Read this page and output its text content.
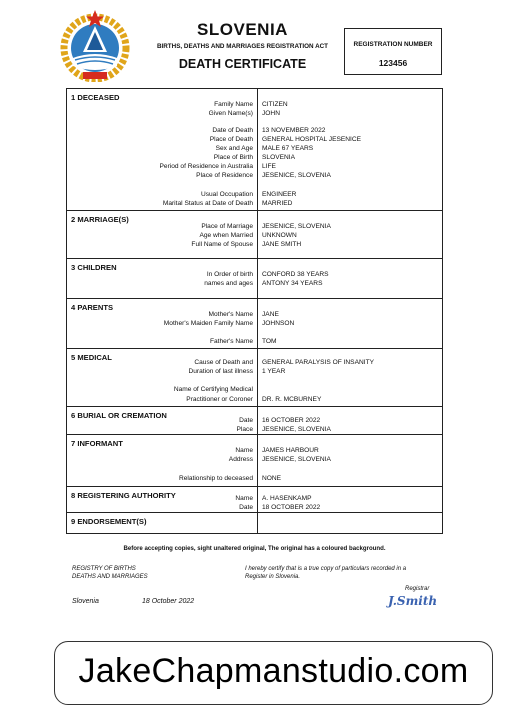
SLOVENIA
BIRTHS, DEATHS AND MARRIAGES REGISTRATION ACT
DEATH CERTIFICATE
REGISTRATION NUMBER
123456
1 DECEASED
Family Name CITIZEN
Given Name(s) JOHN
Date of Death 13 NOVEMBER 2022
Place of Death GENERAL HOSPITAL JESENICE
Sex and Age MALE 67 YEARS
Place of Birth SLOVENIA
Period of Residence in Australia LIFE
Place of Residence JESENICE, SLOVENIA
Usual Occupation ENGINEER
Marital Status at Date of Death MARRIED
2 MARRIAGE(S)
Place of Marriage JESENICE, SLOVENIA
Age when Married UNKNOWN
Full Name of Spouse JANE SMITH
3 CHILDREN
In Order of birth CONFORD 38 YEARS
names and ages ANTONY 34 YEARS
4 PARENTS
Mother's Name JANE
Mother's Maiden Family Name JOHNSON
Father's Name TOM
5 MEDICAL
Cause of Death and GENERAL PARALYSIS OF INSANITY
Duration of last illness 1 YEAR
Name of Certifying Medical
Practitioner or Coroner DR. R. MCBURNEY
6 BURIAL OR CREMATION
Date 16 OCTOBER 2022
Place JESENICE, SLOVENIA
7 INFORMANT
Name JAMES HARBOUR
Address JESENICE, SLOVENIA
Relationship to deceased NONE
8 REGISTERING AUTHORITY	Name A. HASENKAMP
Date 18 OCTOBER 2022
9 ENDORSEMENT(S)
Before accepting copies, sight unaltered original, The original has a coloured background.
REGISTRY OF BIRTHS
DEATHS AND MARRIAGES
I hereby certify that is a true copy of particulars recorded in a
Register in Slovenia.
Registrar
J.Smith
Slovenia	18 October 2022
JakeChapmanstudio.com
